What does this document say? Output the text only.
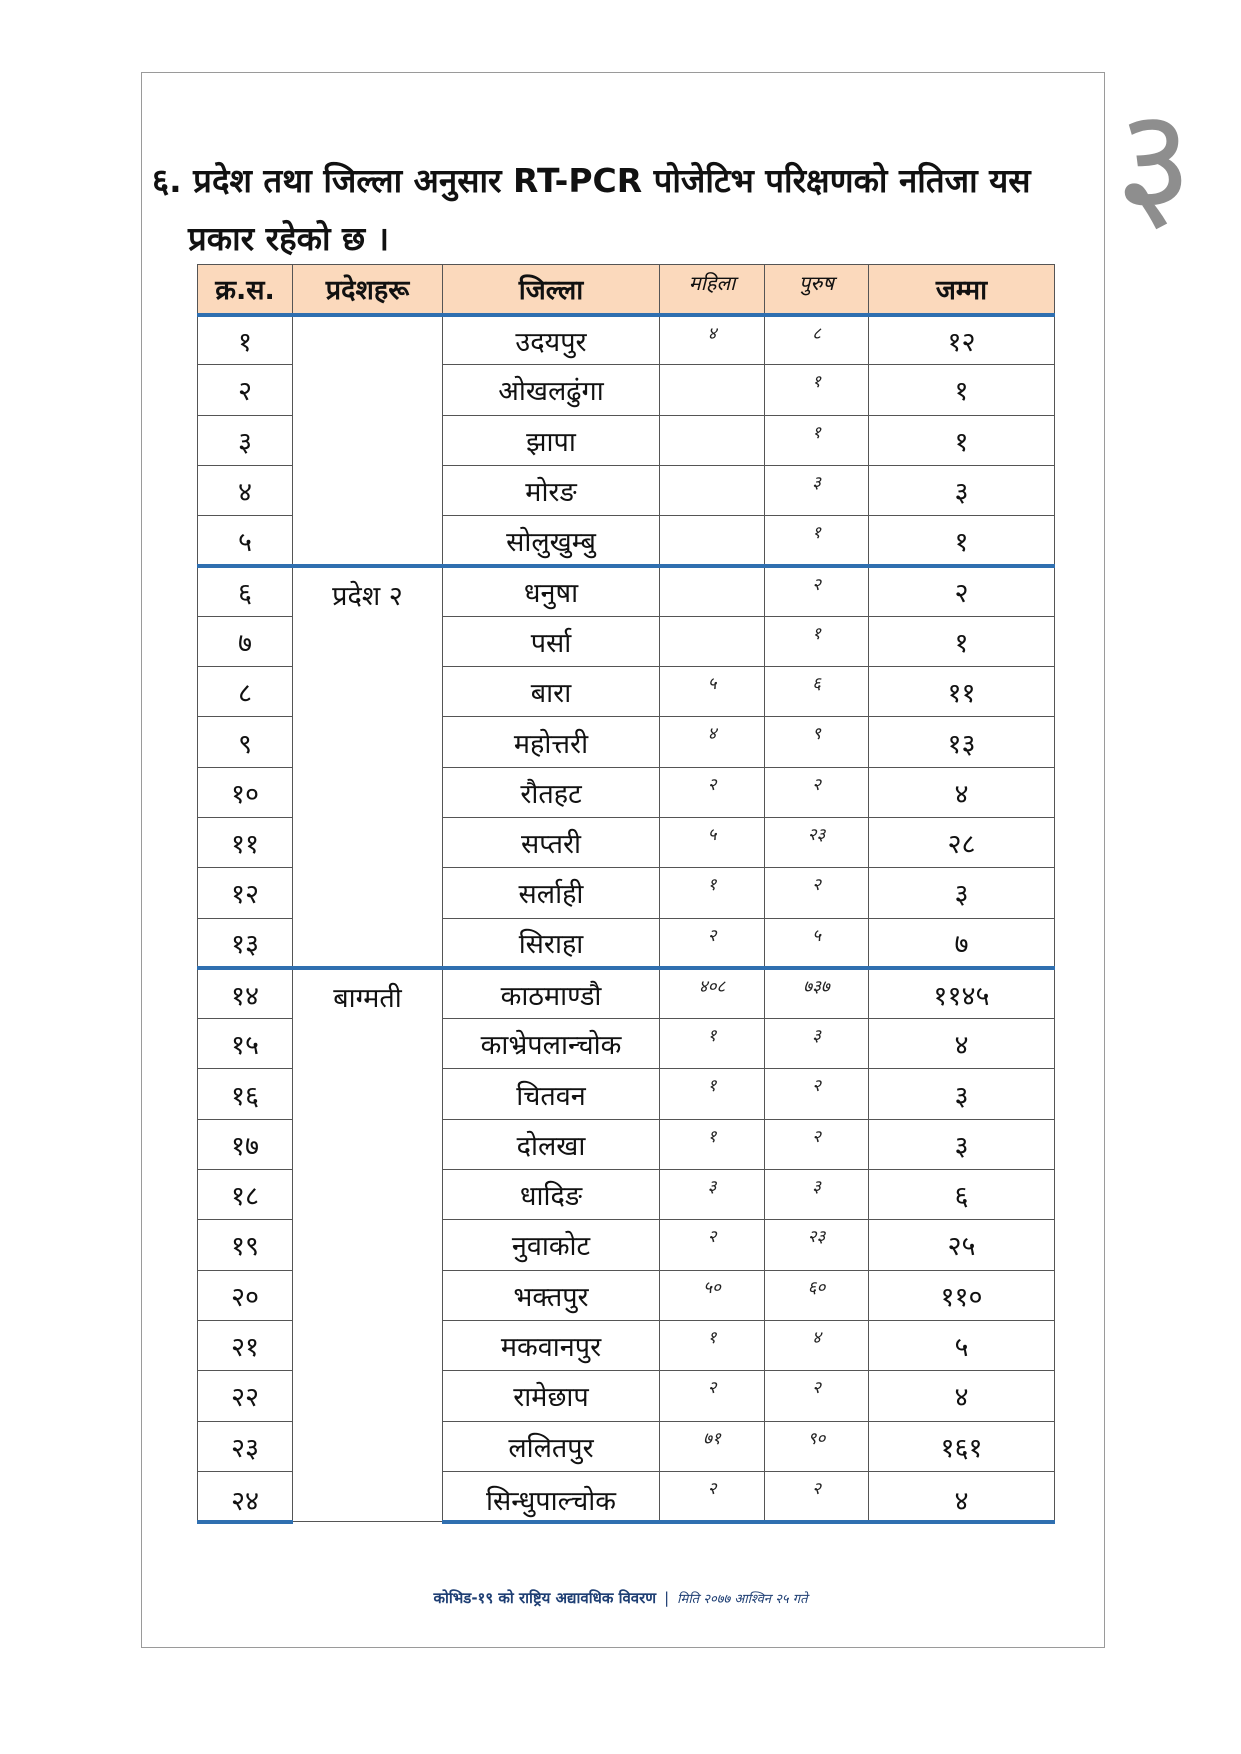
३
६. प्रदेश तथा जिल्ला अनुसार RT-PCR पोजेटिभ परिक्षणको नतिजा यस
प्रकार रहेको छ ।
क्र.स.	प्रदेशहरू	जिल्ला	महिला	पुरुष	जम्मा
१		उदयपुर	४	८	१२
२		ओखलढुंगा		१	१
३		झापा		१	१
४		मोरङ		३	३
५		सोलुखुम्बु		१	१
६	प्रदेश २	धनुषा		२	२
७		पर्सा		१	१
८		बारा	५	६	११
९		महोत्तरी	४	९	१३
१०		रौतहट	२	२	४
११		सप्तरी	५	२३	२८
१२		सर्लाही	१	२	३
१३		सिराहा	२	५	७
१४	बाग्मती	काठमाण्डौ	४०८	७३७	११४५
१५		काभ्रेपलान्चोक	१	३	४
१६		चितवन	१	२	३
१७		दोलखा	१	२	३
१८		धादिङ	३	३	६
१९		नुवाकोट	२	२३	२५
२०		भक्तपुर	५०	६०	११०
२१		मकवानपुर	१	४	५
२२		रामेछाप	२	२	४
२३		ललितपुर	७१	९०	१६१
२४		सिन्धुपाल्चोक	२	२	४
कोभिड-१९ को राष्ट्रिय अद्यावधिक विवरण | मिति २०७७ आश्विन २५ गते
